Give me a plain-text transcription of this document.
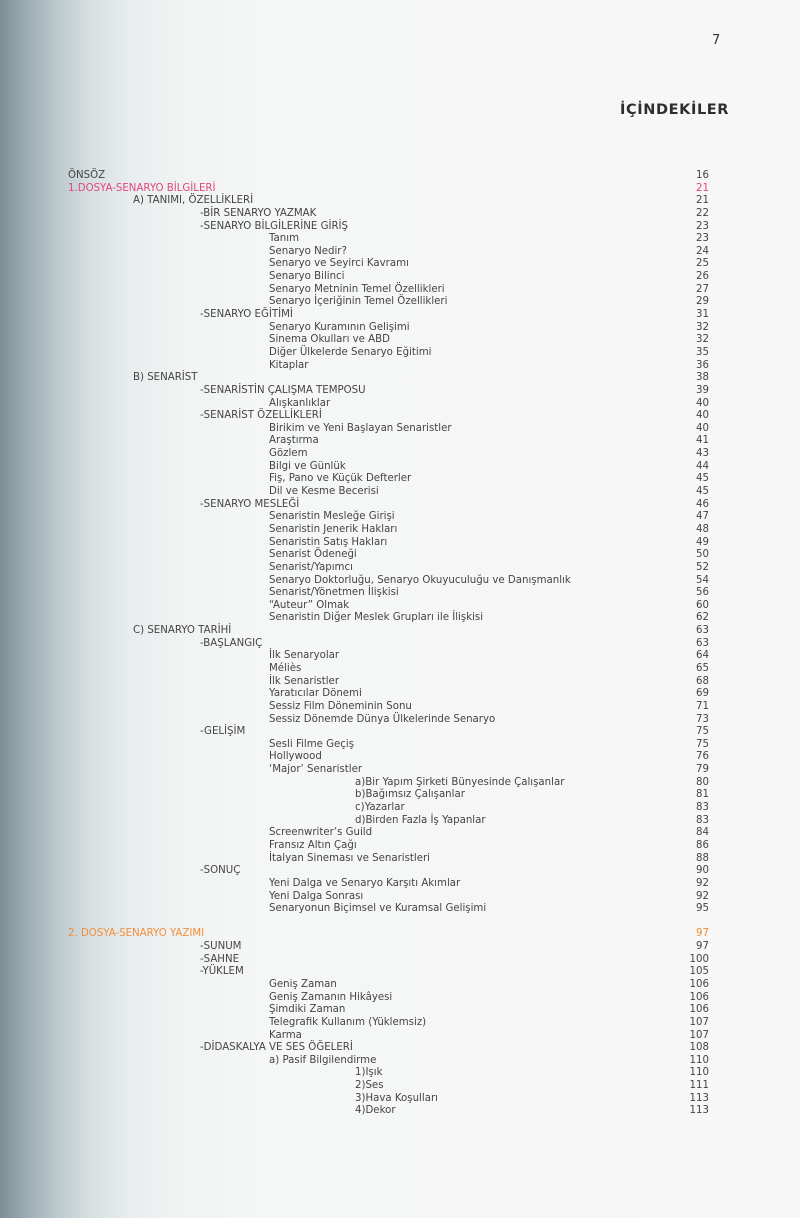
7
İÇİNDEKİLER
ÖNSÖZ	16
1.DOSYA-SENARYO BİLGİLERİ	21
A) TANIMI, ÖZELLİKLERİ	21
-BİR SENARYO YAZMAK	22
-SENARYO BİLGİLERİNE GİRİŞ	23
Tanım	23
Senaryo Nedir?	24
Senaryo ve Seyirci Kavramı	25
Senaryo Bilinci	26
Senaryo Metninin Temel Özellikleri	27
Senaryo İçeriğinin Temel Özellikleri	29
-SENARYO EĞİTİMİ	31
Senaryo Kuramının Gelişimi	32
Sinema Okulları ve ABD	32
Diğer Ülkelerde Senaryo Eğitimi	35
Kitaplar	36
B) SENARİST	38
-SENARİSTİN ÇALIŞMA TEMPOSU	39
Alışkanlıklar	40
-SENARİST ÖZELLİKLERİ	40
Birikim ve Yeni Başlayan Senaristler	40
Araştırma	41
Gözlem	43
Bilgi ve Günlük	44
Fiş, Pano ve Küçük Defterler	45
Dil ve Kesme Becerisi	45
-SENARYO MESLEĞİ	46
Senaristin Mesleğe Girişi	47
Senaristin Jenerik Hakları	48
Senaristin Satış Hakları	49
Senarist Ödeneği	50
Senarist/Yapımcı	52
Senaryo Doktorluğu, Senaryo Okuyuculuğu ve Danışmanlık	54
Senarist/Yönetmen İlişkisi	56
“Auteur” Olmak	60
Senaristin Diğer Meslek Grupları ile İlişkisi	62
C) SENARYO TARİHİ	63
-BAŞLANGIÇ	63
İlk Senaryolar	64
Méliès	65
İlk Senaristler	68
Yaratıcılar Dönemi	69
Sessiz Film Döneminin Sonu	71
Sessiz Dönemde Dünya Ülkelerinde Senaryo	73
-GELİŞİM	75
Sesli Filme Geçiş	75
Hollywood	76
‘Major’ Senaristler	79
a)Bir Yapım Şirketi Bünyesinde Çalışanlar	80
b)Bağımsız Çalışanlar	81
c)Yazarlar	83
d)Birden Fazla İş Yapanlar	83
Screenwriter’s Guild	84
Fransız Altın Çağı	86
İtalyan Sineması ve Senaristleri	88
-SONUÇ	90
Yeni Dalga ve Senaryo Karşıtı Akımlar	92
Yeni Dalga Sonrası	92
Senaryonun Biçimsel ve Kuramsal Gelişimi	95
2. DOSYA-SENARYO YAZIMI	97
-SUNUM	97
-SAHNE	100
-YÜKLEM	105
Geniş Zaman	106
Geniş Zamanın Hikâyesi	106
Şimdiki Zaman	106
Telegrafik Kullanım (Yüklemsiz)	107
Karma	107
-DİDASKALYA VE SES ÖĞELERİ	108
a) Pasif Bilgilendirme	110
1)Işık	110
2)Ses	111
3)Hava Koşulları	113
4)Dekor	113
